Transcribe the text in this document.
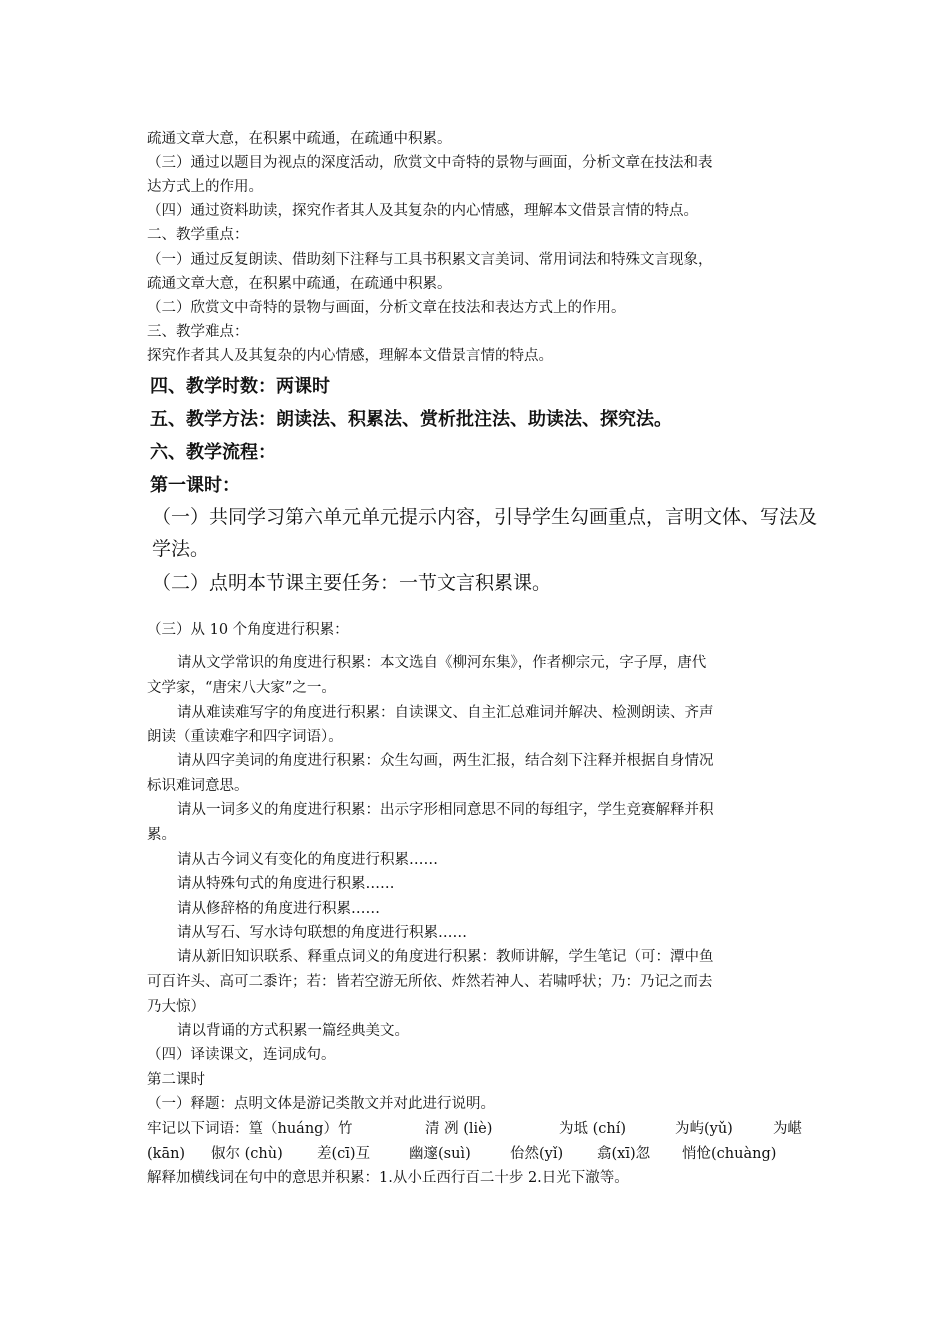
疏通文章大意，在积累中疏通，在疏通中积累。
（三）通过以题目为视点的深度活动，欣赏文中奇特的景物与画面，分析文章在技法和表
达方式上的作用。
（四）通过资料助读，探究作者其人及其复杂的内心情感，理解本文借景言情的特点。
二、教学重点：
（一）通过反复朗读、借助刻下注释与工具书积累文言美词、常用词法和特殊文言现象，
疏通文章大意，在积累中疏通，在疏通中积累。
（二）欣赏文中奇特的景物与画面，分析文章在技法和表达方式上的作用。
三、教学难点：
探究作者其人及其复杂的内心情感，理解本文借景言情的特点。
四、教学时数：两课时
五、教学方法：朗读法、积累法、赏析批注法、助读法、探究法。
六、教学流程：
第一课时：
（一）共同学习第六单元单元提示内容，引导学生勾画重点，言明文体、写法及
学法。
（二）点明本节课主要任务：一节文言积累课。
（三）从 10 个角度进行积累：
请从文学常识的角度进行积累：本文选自《柳河东集》，作者柳宗元，字子厚，唐代
文学家，“唐宋八大家”之一。
请从难读难写字的角度进行积累：自读课文、自主汇总难词并解决、检测朗读、齐声
朗读（重读难字和四字词语）。
请从四字美词的角度进行积累：众生勾画，两生汇报，结合刻下注释并根据自身情况
标识难词意思。
请从一词多义的角度进行积累：出示字形相同意思不同的每组字，学生竞赛解释并积
累。
请从古今词义有变化的角度进行积累……
请从特殊句式的角度进行积累……
请从修辞格的角度进行积累……
请从写石、写水诗句联想的角度进行积累……
请从新旧知识联系、释重点词义的角度进行积累：教师讲解，学生笔记（可：潭中鱼
可百许头、高可二黍许；若：皆若空游无所依、炸然若神人、若啸呼状；乃：乃记之而去
乃大惊）
请以背诵的方式积累一篇经典美文。
（四）译读课文，连词成句。
第二课时
（一）释题：点明文体是游记类散文并对此进行说明。
牢记以下词语：篁（huáng）竹	清 冽 (liè)	为坻 (chí)	为屿(yǔ)	为嵁
(kān) 俶尔 (chù) 差(cī)互	幽邃(suì)	佁然(yǐ) 翕(xī)忽 悄怆(chuàng)
解释加横线词在句中的意思并积累：1.从小丘西行百二十步 2.日光下澈等。
